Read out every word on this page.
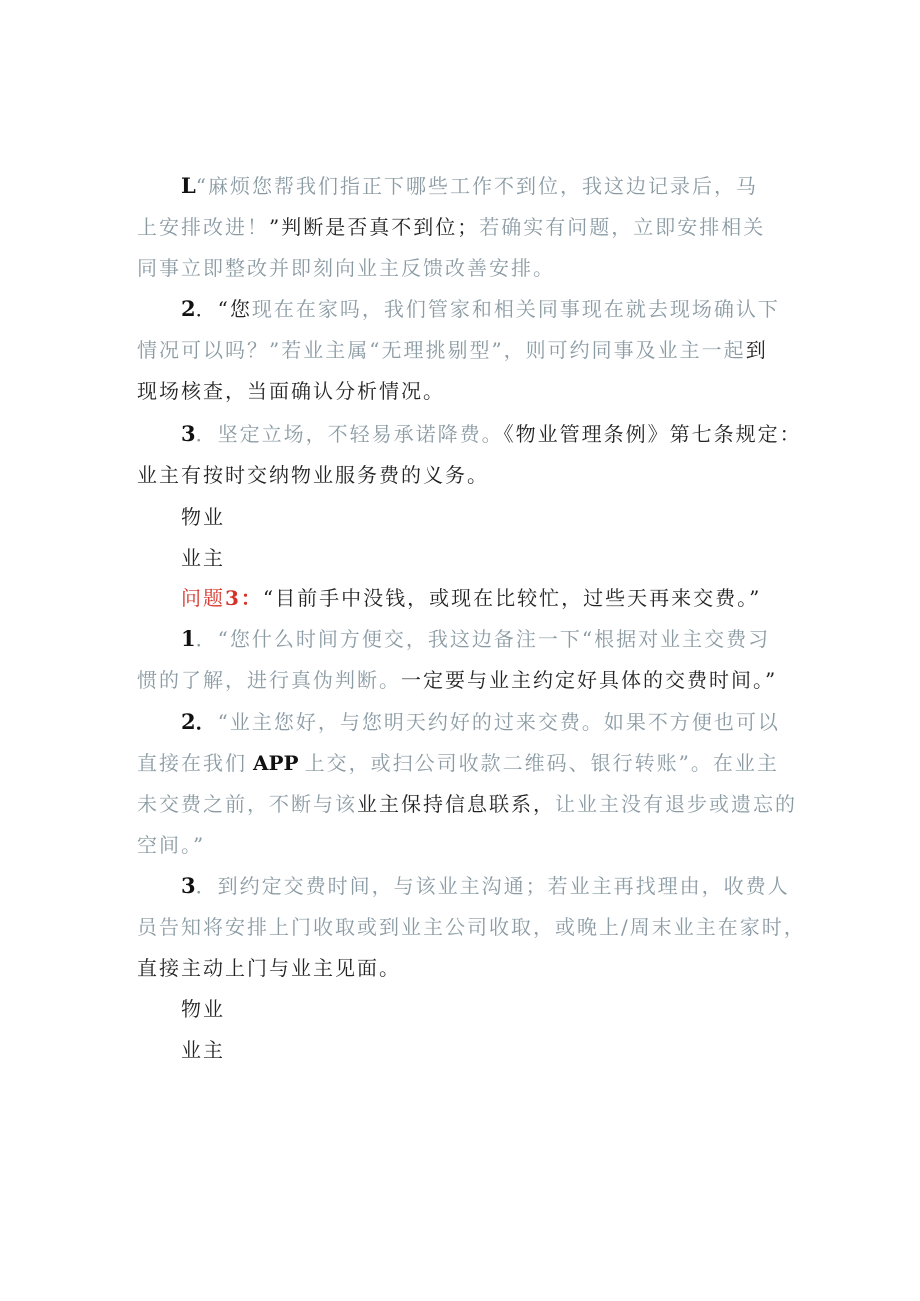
L“麻烦您帮我们指正下哪些工作不到位，我这边记录后，马
上安排改进！”判断是否真不到位；若确实有问题，立即安排相关
同事立即整改并即刻向业主反馈改善安排。
2．“您现在在家吗，我们管家和相关同事现在就去现场确认下
情况可以吗？”若业主属“无理挑剔型”，则可约同事及业主一起到
现场核查，当面确认分析情况。
3．坚定立场，不轻易承诺降费。《物业管理条例》第七条规定：
业主有按时交纳物业服务费的义务。
物业
业主
问题3：“目前手中没钱，或现在比较忙，过些天再来交费。”
1．“您什么时间方便交，我这边备注一下“根据对业主交费习
惯的了解，进行真伪判断。一定要与业主约定好具体的交费时间。”
2．“业主您好，与您明天约好的过来交费。如果不方便也可以
直接在我们 APP 上交，或扫公司收款二维码、银行转账”。在业主
未交费之前，不断与该业主保持信息联系，让业主没有退步或遗忘的
空间。”
3．到约定交费时间，与该业主沟通；若业主再找理由，收费人
员告知将安排上门收取或到业主公司收取，或晚上/周末业主在家时，
直接主动上门与业主见面。
物业
业主
